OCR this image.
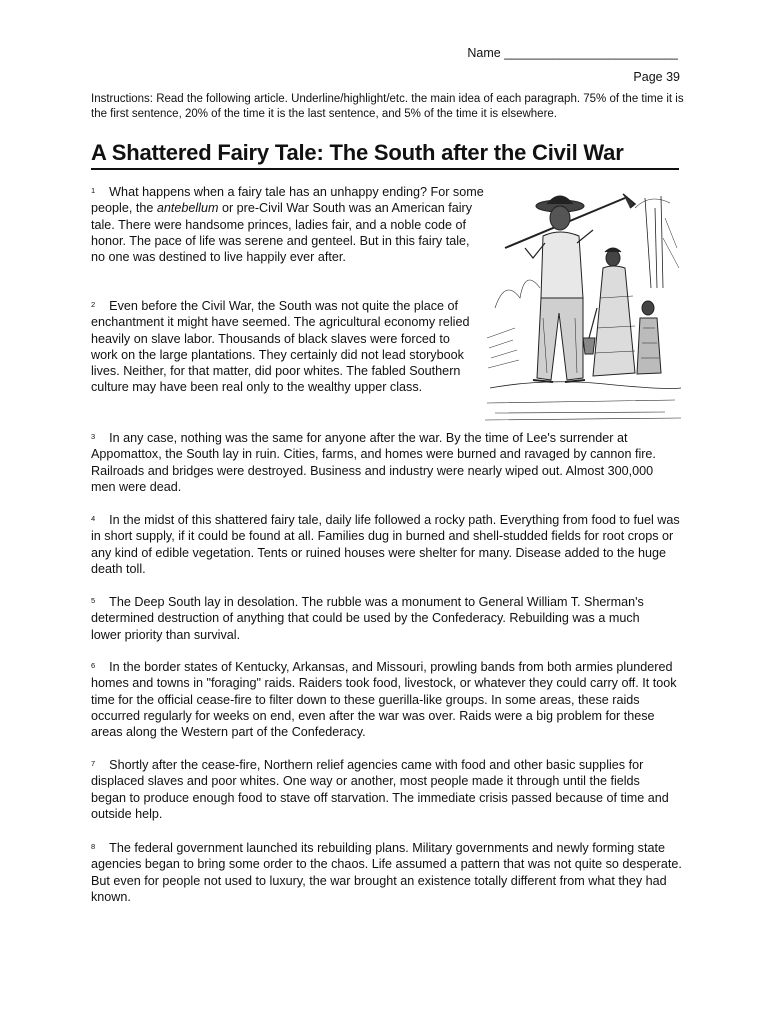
Name _________________________
Page 39
Instructions: Read the following article. Underline/highlight/etc. the main idea of each paragraph. 75% of the time it is the first sentence, 20% of the time it is the last sentence, and 5% of the time it is elsewhere.
A Shattered Fairy Tale: The South after the Civil War

$^1$ What happens when a fairy tale has an unhappy ending? For some people, the antebellum or pre-Civil War South was an American fairy tale. There were handsome princes, ladies fair, and a noble code of honor. The pace of life was serene and genteel. But in this fairy tale, no one was destined to live happily ever after.

$^2$ Even before the Civil War, the South was not quite the place of enchantment it might have seemed. The agricultural economy relied heavily on slave labor. Thousands of black slaves were forced to work on the large plantations. They certainly did not lead storybook lives. Neither, for that matter, did poor whites. The fabled Southern culture may have been real only to the wealthy upper class.

$^3$ In any case, nothing was the same for anyone after the war. By the time of Lee's surrender at Appomattox, the South lay in ruin. Cities, farms, and homes were burned and ravaged by cannon fire. Railroads and bridges were destroyed. Business and industry were nearly wiped out. Almost 300,000 men were dead.

$^4$ In the midst of this shattered fairy tale, daily life followed a rocky path. Everything from food to fuel was in short supply, if it could be found at all. Families dug in burned and shell-studded fields for root crops or any kind of edible vegetation. Tents or ruined houses were shelter for many. Disease added to the huge death toll.

$^5$ The Deep South lay in desolation. The rubble was a monument to General William T. Sherman's determined destruction of anything that could be used by the Confederacy. Rebuilding was a much lower priority than survival.

$^6$ In the border states of Kentucky, Arkansas, and Missouri, prowling bands from both armies plundered homes and towns in "foraging" raids. Raiders took food, livestock, or whatever they could carry off. It took time for the official cease-fire to filter down to these guerilla-like groups. In some areas, these raids occurred regularly for weeks on end, even after the war was over. Raids were a big problem for these areas along the Western part of the Confederacy.

$^7$ Shortly after the cease-fire, Northern relief agencies came with food and other basic supplies for displaced slaves and poor whites. One way or another, most people made it through until the fields began to produce enough food to stave off starvation. The immediate crisis passed because of time and outside help.

$^8$ The federal government launched its rebuilding plans. Military governments and newly forming state agencies began to bring some order to the chaos. Life assumed a pattern that was not quite so desperate. But even for people not used to luxury, the war brought an existence totally different from what they had known.
